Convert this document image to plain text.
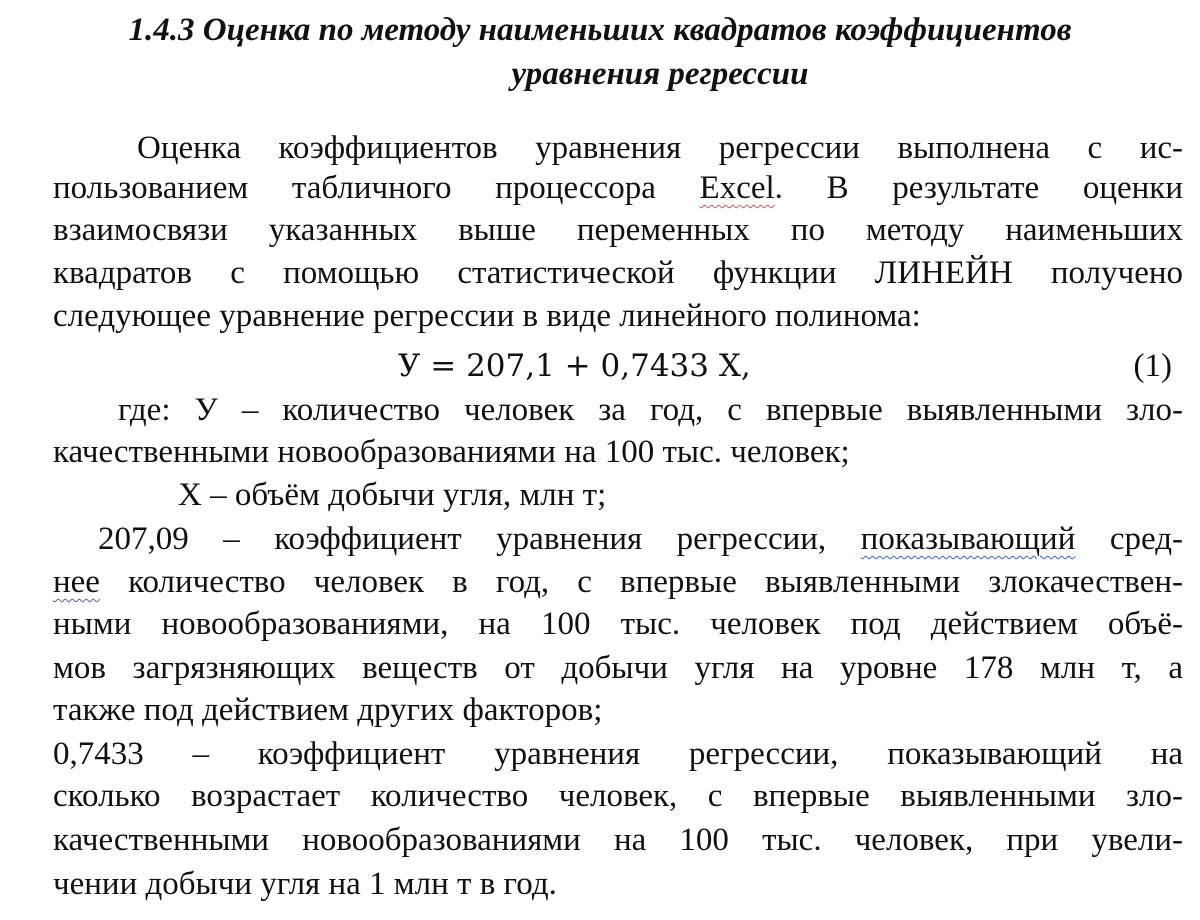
1.4.3 Оценка по методу наименьших квадратов коэффициентов
уравнения регрессии
Оценка коэффициентов уравнения регрессии выполнена с ис-
пользованием табличного процессора Excel. В результате оценки
взаимосвязи указанных выше переменных по методу наименьших
квадратов с помощью статистической функции ЛИНЕЙН получено
следующее уравнение регрессии в виде линейного полинома:
У = 207,1 + 0,7433 X,	(1)
где: У – количество человек за год, с впервые выявленными зло-
качественными новообразованиями на 100 тыс. человек;
X – объём добычи угля, млн т;
207,09 – коэффициент уравнения регрессии, показывающий сред-
нее количество человек в год, с впервые выявленными злокачествен-
ными новообразованиями, на 100 тыс. человек под действием объё-
мов загрязняющих веществ от добычи угля на уровне 178 млн т, а
также под действием других факторов;
0,7433 – коэффициент уравнения регрессии, показывающий на
сколько возрастает количество человек, с впервые выявленными зло-
качественными новообразованиями на 100 тыс. человек, при увели-
чении добычи угля на 1 млн т в год.
